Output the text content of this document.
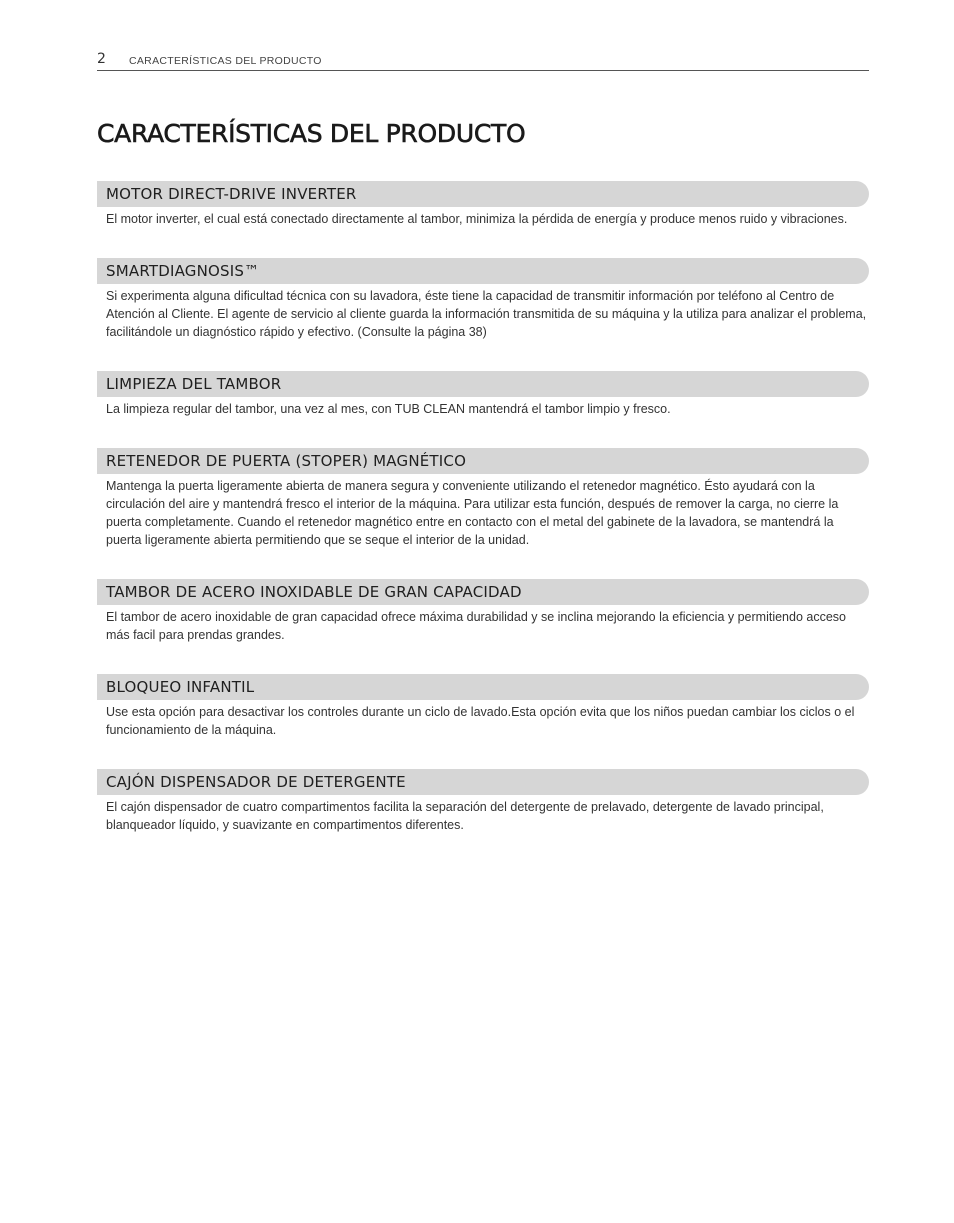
2 CARACTERÍSTICAS DEL PRODUCTO
CARACTERÍSTICAS DEL PRODUCTO
MOTOR DIRECT-DRIVE INVERTER

El motor inverter, el cual está conectado directamente al tambor, minimiza la pérdida de energía y produce menos ruido y vibraciones.

SMARTDIAGNOSIS™

Si experimenta alguna dificultad técnica con su lavadora, éste tiene la capacidad de transmitir información por teléfono al Centro de Atención al Cliente. El agente de servicio al cliente guarda la información transmitida de su máquina y la utiliza para analizar el problema, facilitándole un diagnóstico rápido y efectivo. (Consulte la página 38)

LIMPIEZA DEL TAMBOR

La limpieza regular del tambor, una vez al mes, con TUB CLEAN mantendrá el tambor limpio y fresco.

RETENEDOR DE PUERTA (STOPER) MAGNÉTICO

Mantenga la puerta ligeramente abierta de manera segura y conveniente utilizando el retenedor magnético. Ésto ayudará con la circulación del aire y mantendrá fresco el interior de la máquina. Para utilizar esta función, después de remover la carga, no cierre la puerta completamente. Cuando el retenedor magnético entre en contacto con el metal del gabinete de la lavadora, se mantendrá la puerta ligeramente abierta permitiendo que se seque el interior de la unidad.

TAMBOR DE ACERO INOXIDABLE DE GRAN CAPACIDAD

El tambor de acero inoxidable de gran capacidad ofrece máxima durabilidad y se inclina mejorando la eficiencia y permitiendo acceso más facil para prendas grandes.

BLOQUEO INFANTIL

Use esta opción para desactivar los controles durante un ciclo de lavado.Esta opción evita que los niños puedan cambiar los ciclos o el funcionamiento de la máquina.

CAJÓN DISPENSADOR DE DETERGENTE

El cajón dispensador de cuatro compartimentos facilita la separación del detergente de prelavado, detergente de lavado principal, blanqueador líquido, y suavizante en compartimentos diferentes.
